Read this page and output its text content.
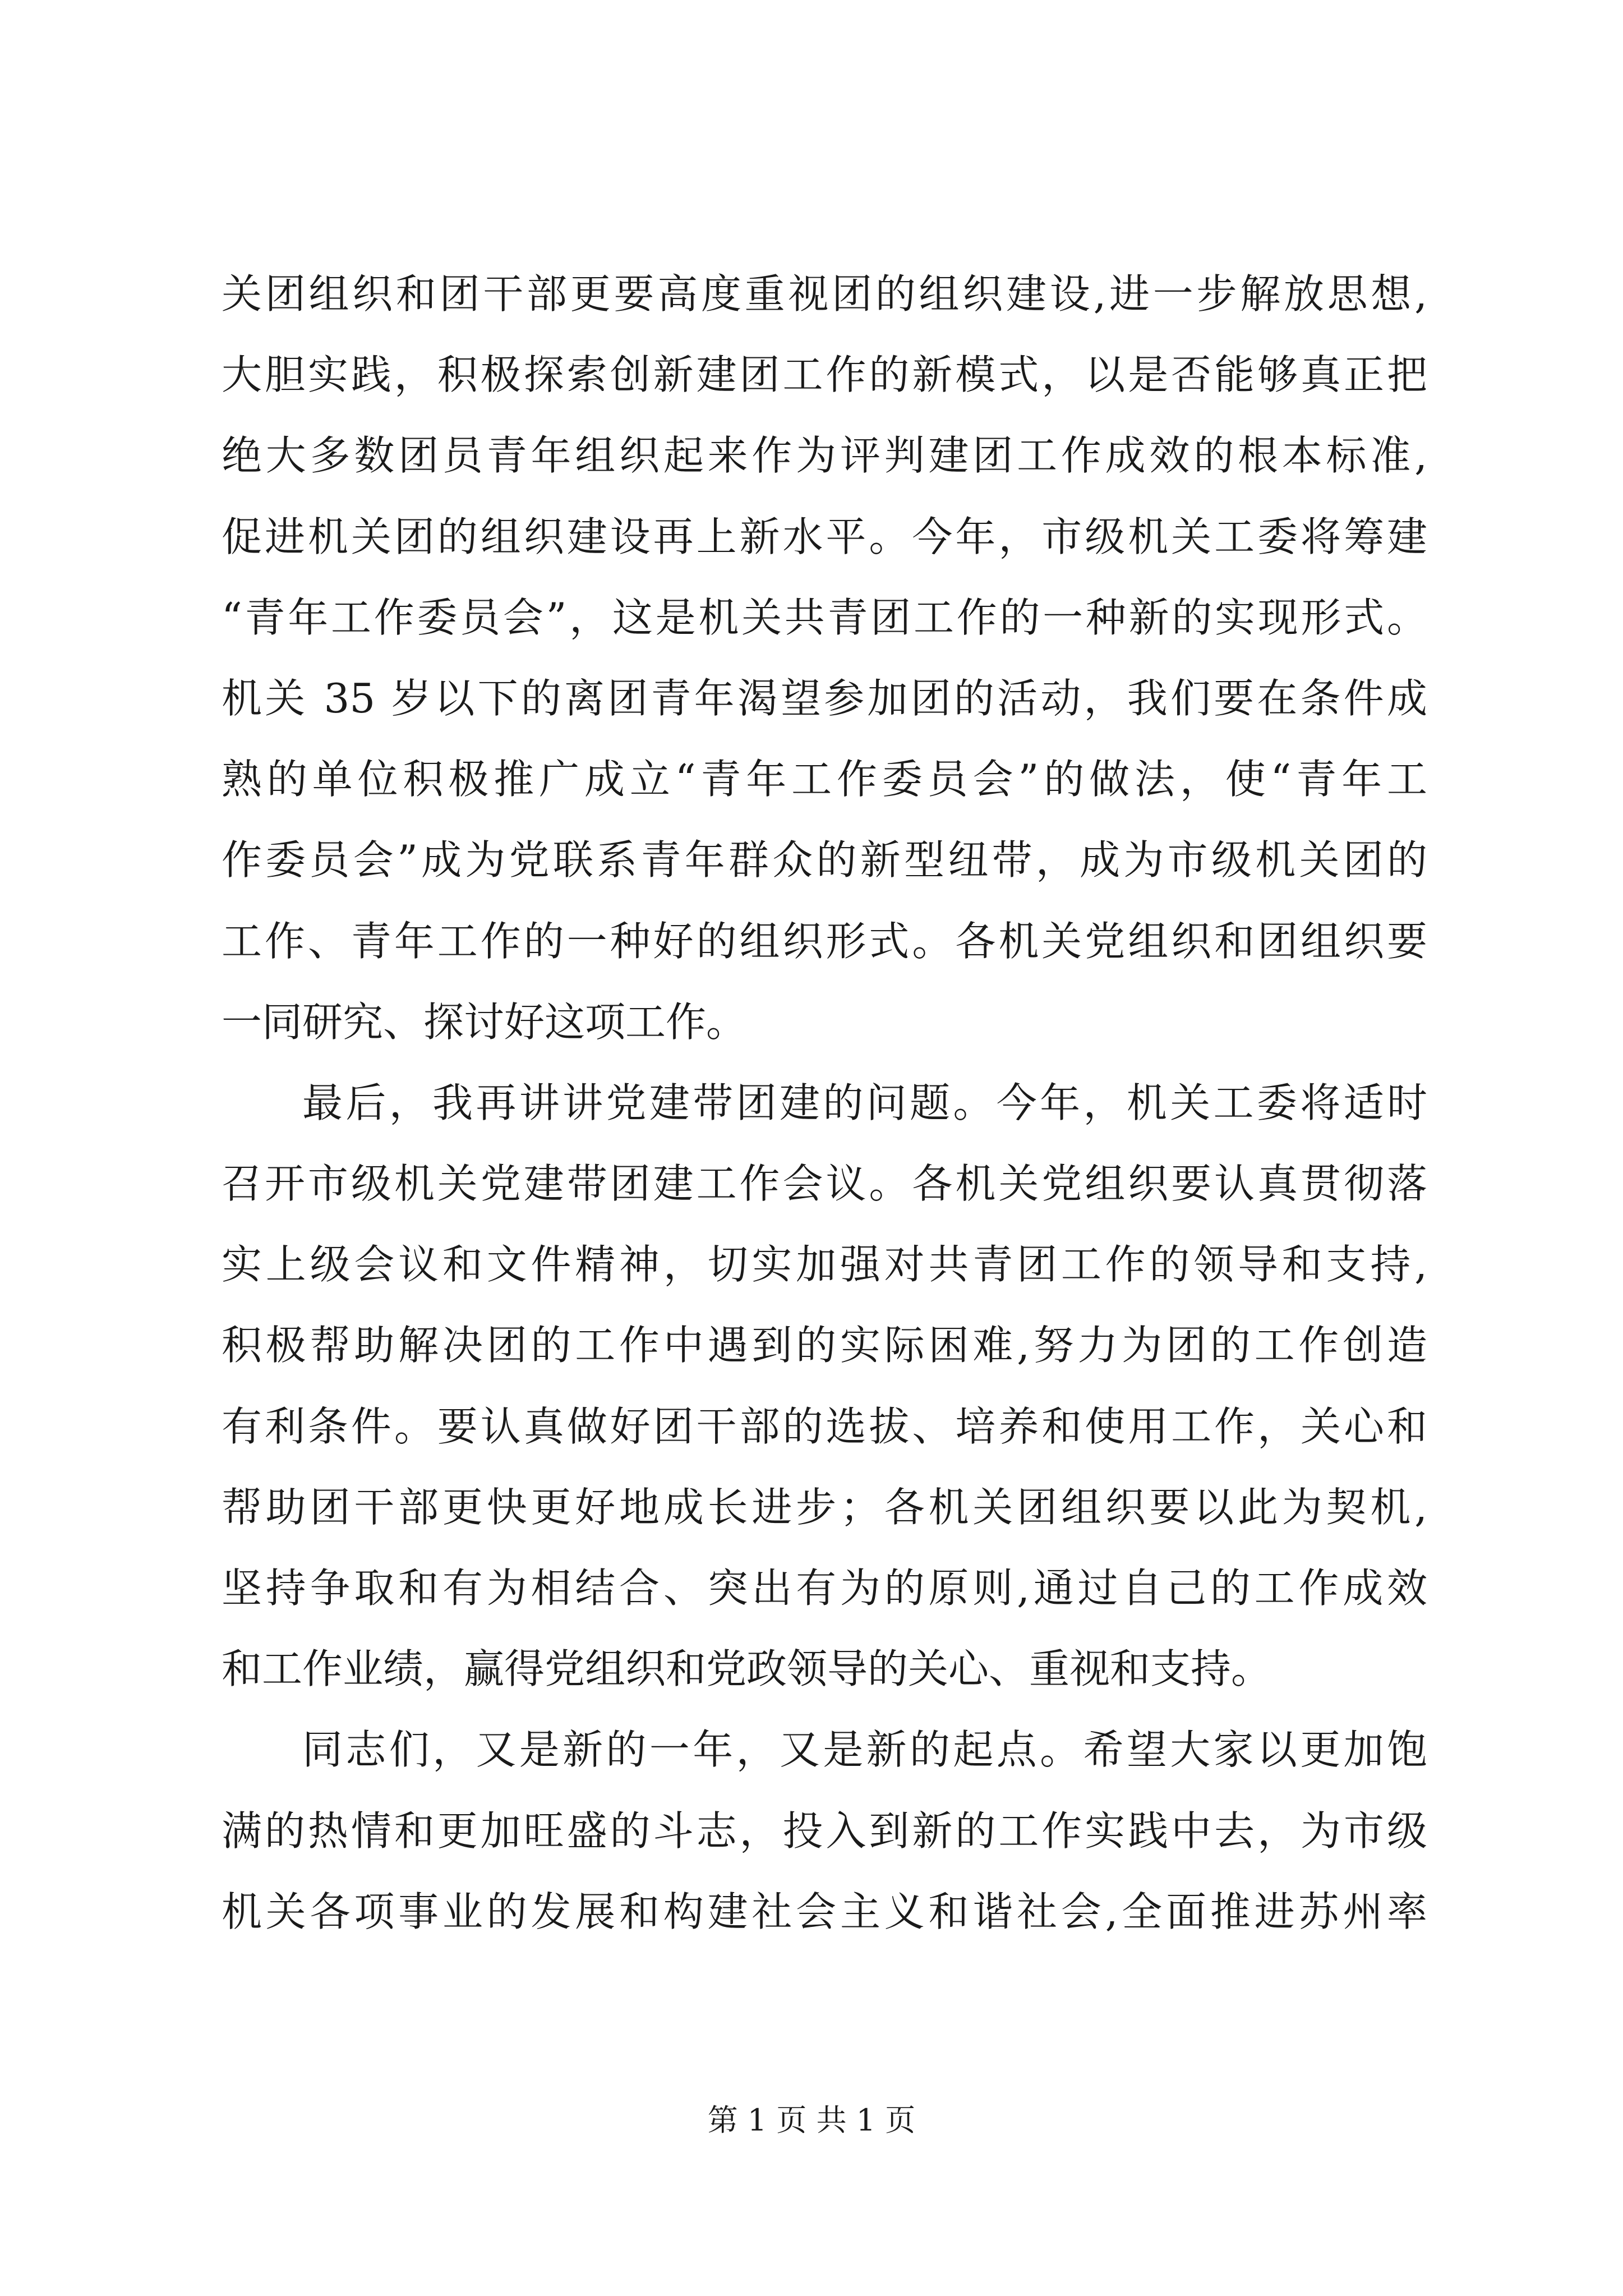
关团组织和团干部更要高度重视团的组织建设,进一步解放思想,
大胆实践，积极探索创新建团工作的新模式，以是否能够真正把
绝大多数团员青年组织起来作为评判建团工作成效的根本标准,
促进机关团的组织建设再上新水平。今年，市级机关工委将筹建
“青年工作委员会”，这是机关共青团工作的一种新的实现形式。
机关 35 岁以下的离团青年渴望参加团的活动，我们要在条件成
熟的单位积极推广成立“青年工作委员会”的做法，使“青年工
作委员会”成为党联系青年群众的新型纽带，成为市级机关团的
工作、青年工作的一种好的组织形式。各机关党组织和团组织要
一同研究、探讨好这项工作。
最后，我再讲讲党建带团建的问题。今年，机关工委将适时
召开市级机关党建带团建工作会议。各机关党组织要认真贯彻落
实上级会议和文件精神，切实加强对共青团工作的领导和支持,
积极帮助解决团的工作中遇到的实际困难,努力为团的工作创造
有利条件。要认真做好团干部的选拔、培养和使用工作，关心和
帮助团干部更快更好地成长进步；各机关团组织要以此为契机,
坚持争取和有为相结合、突出有为的原则,通过自己的工作成效
和工作业绩，赢得党组织和党政领导的关心、重视和支持。
同志们，又是新的一年，又是新的起点。希望大家以更加饱
满的热情和更加旺盛的斗志，投入到新的工作实践中去，为市级
机关各项事业的发展和构建社会主义和谐社会,全面推进苏州率
第 1 页 共 1 页
